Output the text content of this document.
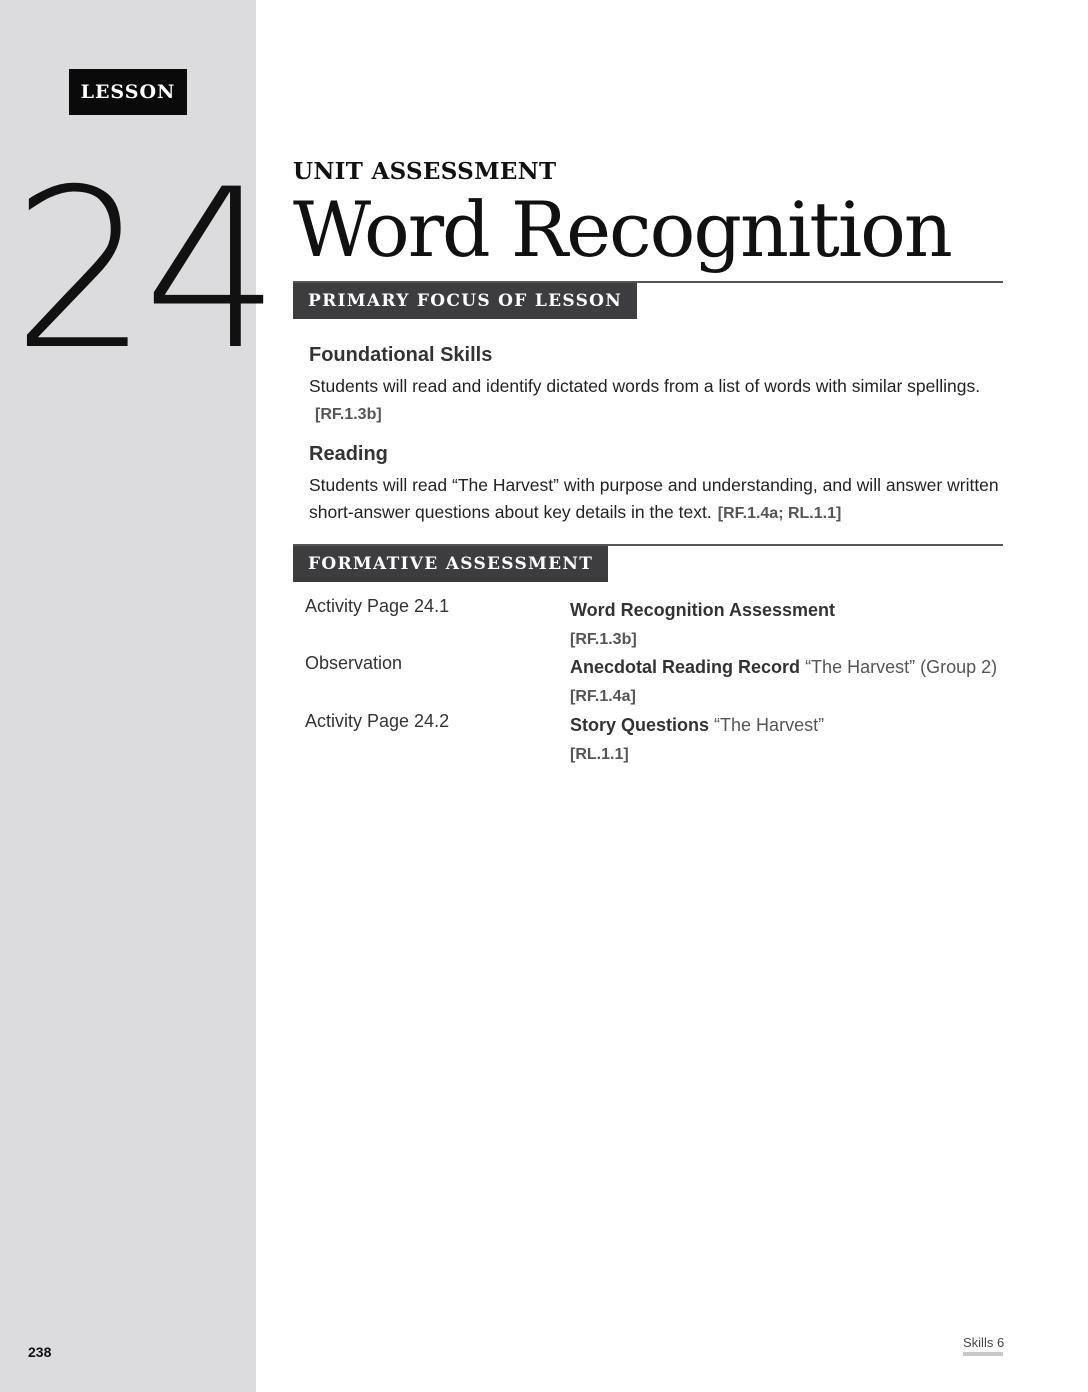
LESSON
24
238
UNIT ASSESSMENT
Word Recognition
PRIMARY FOCUS OF LESSON
Foundational Skills
Students will read and identify dictated words from a list of words with similar spellings.[RF.1.3b]
Reading
Students will read “The Harvest” with purpose and understanding, and will answer written short-answer questions about key details in the text. [RF.1.4a; RL.1.1]
FORMATIVE ASSESSMENT
Activity Page 24.1	Word Recognition Assessment
[RF.1.3b]
Observation	Anecdotal Reading Record “The Harvest” (Group 2) [RF.1.4a]
Activity Page 24.2	Story Questions “The Harvest”
[RL.1.1]
Skills 6
